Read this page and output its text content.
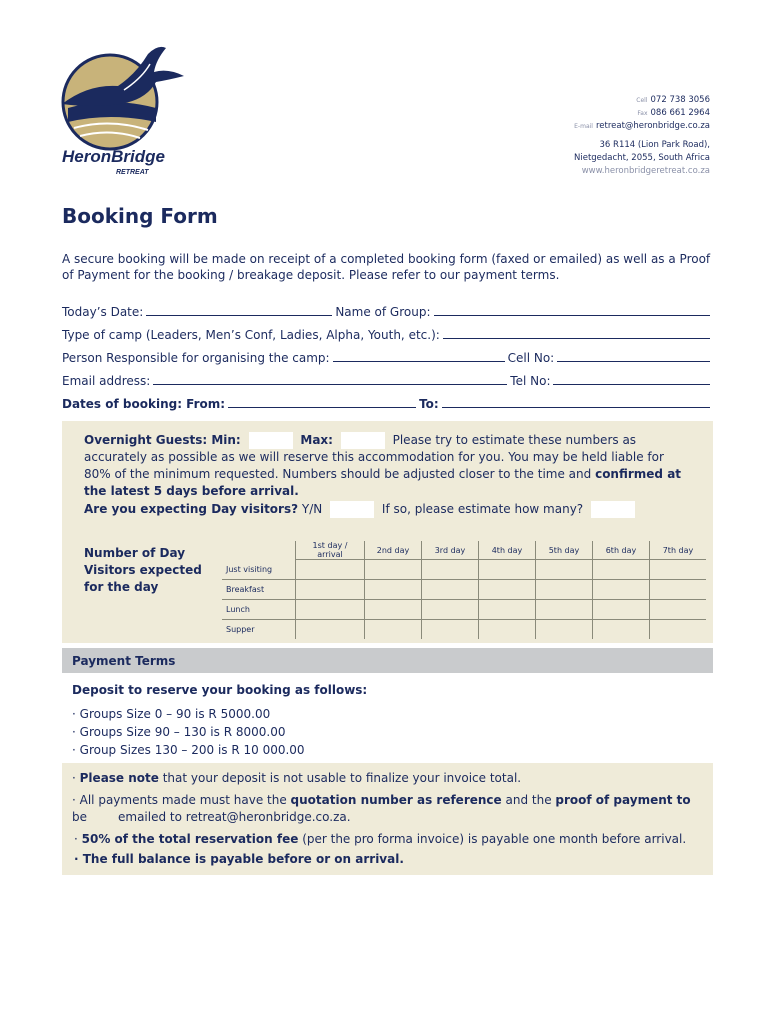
HeronBridge
RETREAT
Cell 072 738 3056
Fax 086 661 2964
E-mail retreat@heronbridge.co.za
36 R114 (Lion Park Road),
Nietgedacht, 2055, South Africa
www.heronbridgeretreat.co.za
Booking Form
A secure booking will be made on receipt of a completed booking form (faxed or emailed) as well as a Proof of Payment for the booking / breakage deposit. Please refer to our payment terms.
Today’s Date:	Name of Group:
Type of camp (Leaders, Men’s Conf, Ladies, Alpha, Youth, etc.):
Person Responsible for organising the camp:	Cell No:
Email address:	Tel No:
Dates of booking: From:	To:
Overnight Guests: Min:	Max:	Please try to estimate these numbers as accurately as possible as we will reserve this accommodation for you. You may be held liable for 80% of the minimum requested. Numbers should be adjusted closer to the time and confirmed at the latest 5 days before arrival.
Are you expecting Day visitors? Y/N	If so, please estimate how many?
Number of Day Visitors expected for the day
	1st day / arrival	2nd day	3rd day	4th day	5th day	6th day	7th day
Just visiting							
Breakfast							
Lunch							
Supper							
Payment Terms
Deposit to reserve your booking as follows:
· Groups Size 0 – 90 is R 5000.00
· Groups Size 90 – 130 is R 8000.00
· Group Sizes 130 – 200 is R 10 000.00
· Please note that your deposit is not usable to finalize your invoice total.
· All payments made must have the quotation number as reference and the proof of payment to be	emailed to retreat@heronbridge.co.za.
· 50% of the total reservation fee (per the pro forma invoice) is payable one month before arrival.
· The full balance is payable before or on arrival.
